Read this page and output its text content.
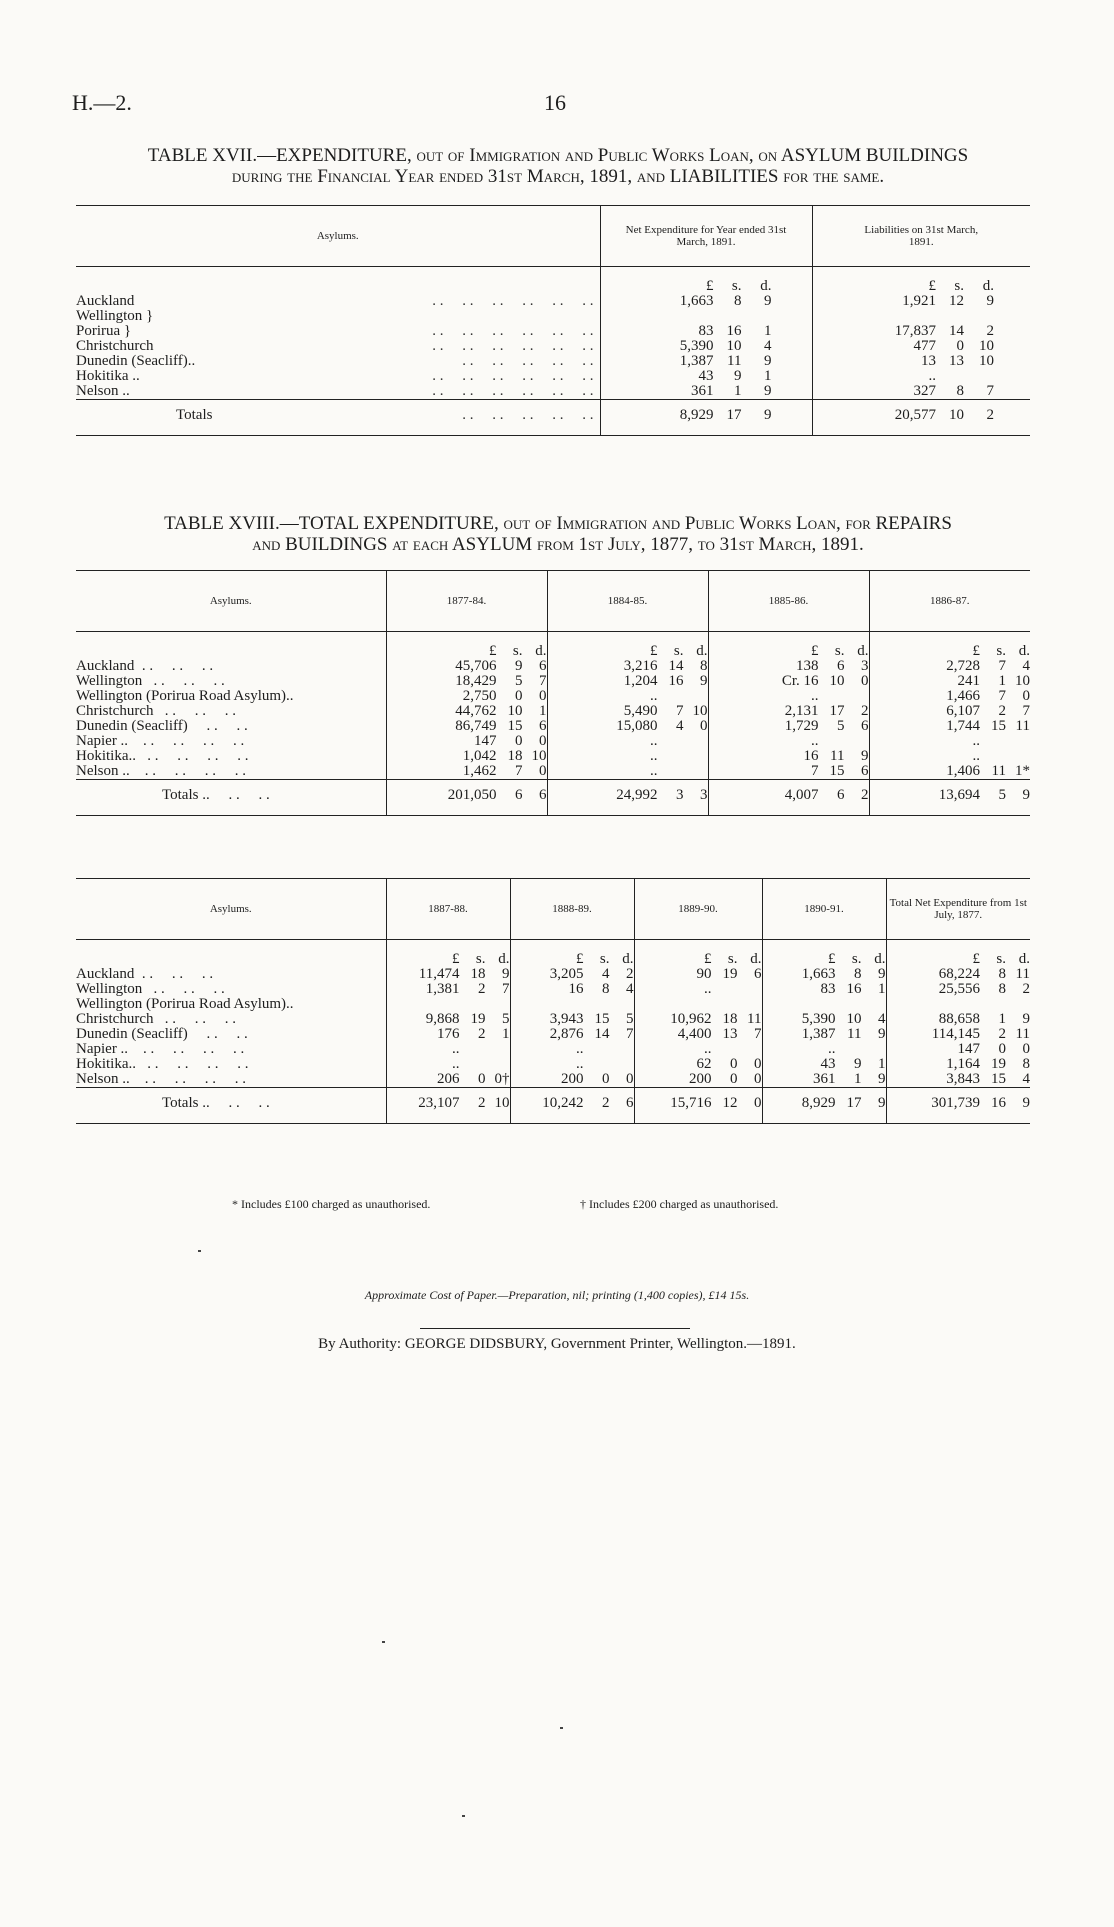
H.—2.	16
TABLE XVII.—EXPENDITURE, out of Immigration and Public Works Loan, on ASYLUM BUILDINGS
during the Financial Year ended 31st March, 1891, and LIABILITIES for the same.
Asylums.	Net Expenditure for Year ended 31st March, 1891.	Liabilities on 31st March, 1891.
	£ s. d.	£ s. d.
Auckland . .     . .     . .     . .     . .     . .	1,663 8 9	1,921 12 9
Wellington }

Porirua } . .     . .     . .     . .     . .     . .	83 16 1	17,837 14 2
Christchurch . .     . .     . .     . .     . .     . .	5,390 10 4	477 0 10
Dunedin (Seacliff).. . .     . .     . .     . .     . .	1,387 11 9	13 13 10
Hokitika .. . .     . .     . .     . .     . .     . .	43 9 1	..
Nelson .. . .     . .     . .     . .     . .     . .	361 1 9	327 8 7
Totals . .     . .     . .     . .     . .	8,929 17 9	20,577 10 2
TABLE XVIII.—TOTAL EXPENDITURE, out of Immigration and Public Works Loan, for REPAIRS
and BUILDINGS at each ASYLUM from 1st July, 1877, to 31st March, 1891.
Asylums.	1877-84.	1884-85.	1885-86.	1886-87.
	£ s. d.	£ s. d.	£ s. d.	£ s. d.
Auckland  . .     . .     . .	45,706 9 6	3,216 14 8	138 6 3	2,728 7 4
Wellington   . .     . .     . .	18,429 5 7	1,204 16 9	Cr. 16 10 0	241 1 10
Wellington (Porirua Road Asylum)..	2,750 0 0	..	..	1,466 7 0
Christchurch   . .     . .     . .	44,762 10 1	5,490 7 10	2,131 17 2	6,107 2 7
Dunedin (Seacliff)     . .     . .	86,749 15 6	15,080 4 0	1,729 5 6	1,744 15 11
Napier ..    . .     . .     . .     . .	147 0 0	..	..	..
Hokitika..   . .     . .     . .     . .	1,042 18 10	..	16 11 9	..
Nelson ..    . .     . .     . .     . .	1,462 7 0	..	7 15 6	1,406 11 1*
Totals ..     . .     . .	201,050 6 6	24,992 3 3	4,007 6 2	13,694 5 9
Asylums.	1887-88.	1888-89.	1889-90.	1890-91.	Total Net Expenditure from 1st July, 1877.
	£ s. d.	£ s. d.	£ s. d.	£ s. d.	£ s. d.
Auckland  . .     . .     . .	11,474 18 9	3,205 4 2	90 19 6	1,663 8 9	68,224 8 11
Wellington   . .     . .     . .	1,381 2 7	16 8 4	..	83 16 1	25,556 8 2
Wellington (Porirua Road Asylum)..					
Christchurch   . .     . .     . .	9,868 19 5	3,943 15 5	10,962 18 11	5,390 10 4	88,658 1 9
Dunedin (Seacliff)     . .     . .	176 2 1	2,876 14 7	4,400 13 7	1,387 11 9	114,145 2 11
Napier ..    . .     . .     . .     . .	..	..	..	..	147 0 0
Hokitika..   . .     . .     . .     . .	..	..	62 0 0	43 9 1	1,164 19 8
Nelson ..    . .     . .     . .     . .	206 0 0†	200 0 0	200 0 0	361 1 9	3,843 15 4
Totals ..     . .     . .	23,107 2 10	10,242 2 6	15,716 12 0	8,929 17 9	301,739 16 9
* Includes £100 charged as unauthorised.	† Includes £200 charged as unauthorised.
Approximate Cost of Paper.—Preparation, nil; printing (1,400 copies), £14 15s.
By Authority: GEORGE DIDSBURY, Government Printer, Wellington.—1891.
